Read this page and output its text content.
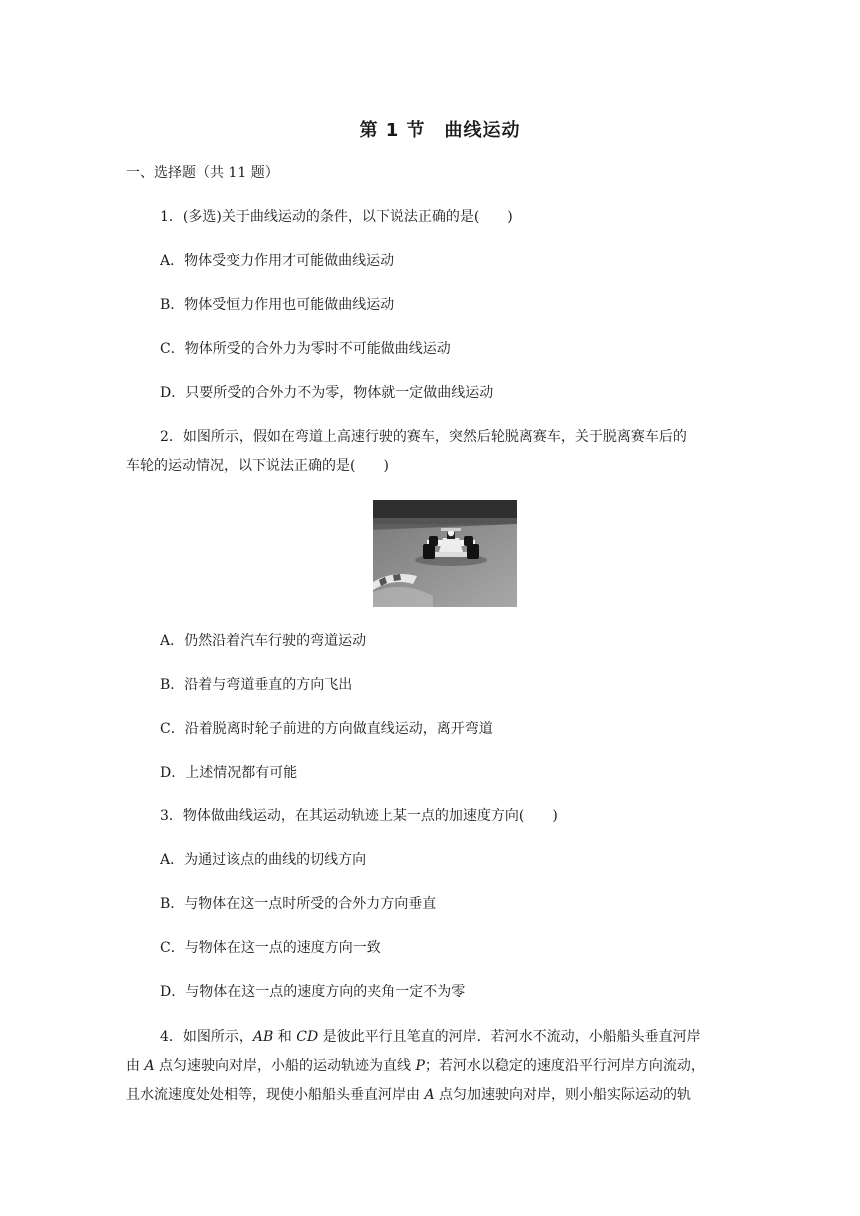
第 1 节　曲线运动
一、选择题（共 11 题）
1．(多选)关于曲线运动的条件，以下说法正确的是(　　)
A．物体受变力作用才可能做曲线运动
B．物体受恒力作用也可能做曲线运动
C．物体所受的合外力为零时不可能做曲线运动
D．只要所受的合外力不为零，物体就一定做曲线运动
2．如图所示，假如在弯道上高速行驶的赛车，突然后轮脱离赛车，关于脱离赛车后的
车轮的运动情况，以下说法正确的是(　　)
A．仍然沿着汽车行驶的弯道运动
B．沿着与弯道垂直的方向飞出
C．沿着脱离时轮子前进的方向做直线运动，离开弯道
D．上述情况都有可能
3．物体做曲线运动，在其运动轨迹上某一点的加速度方向(　　)
A．为通过该点的曲线的切线方向
B．与物体在这一点时所受的合外力方向垂直
C．与物体在这一点的速度方向一致
D．与物体在这一点的速度方向的夹角一定不为零
4．如图所示，AB 和 CD 是彼此平行且笔直的河岸．若河水不流动，小船船头垂直河岸
由 A 点匀速驶向对岸，小船的运动轨迹为直线 P；若河水以稳定的速度沿平行河岸方向流动，
且水流速度处处相等，现使小船船头垂直河岸由 A 点匀加速驶向对岸，则小船实际运动的轨
